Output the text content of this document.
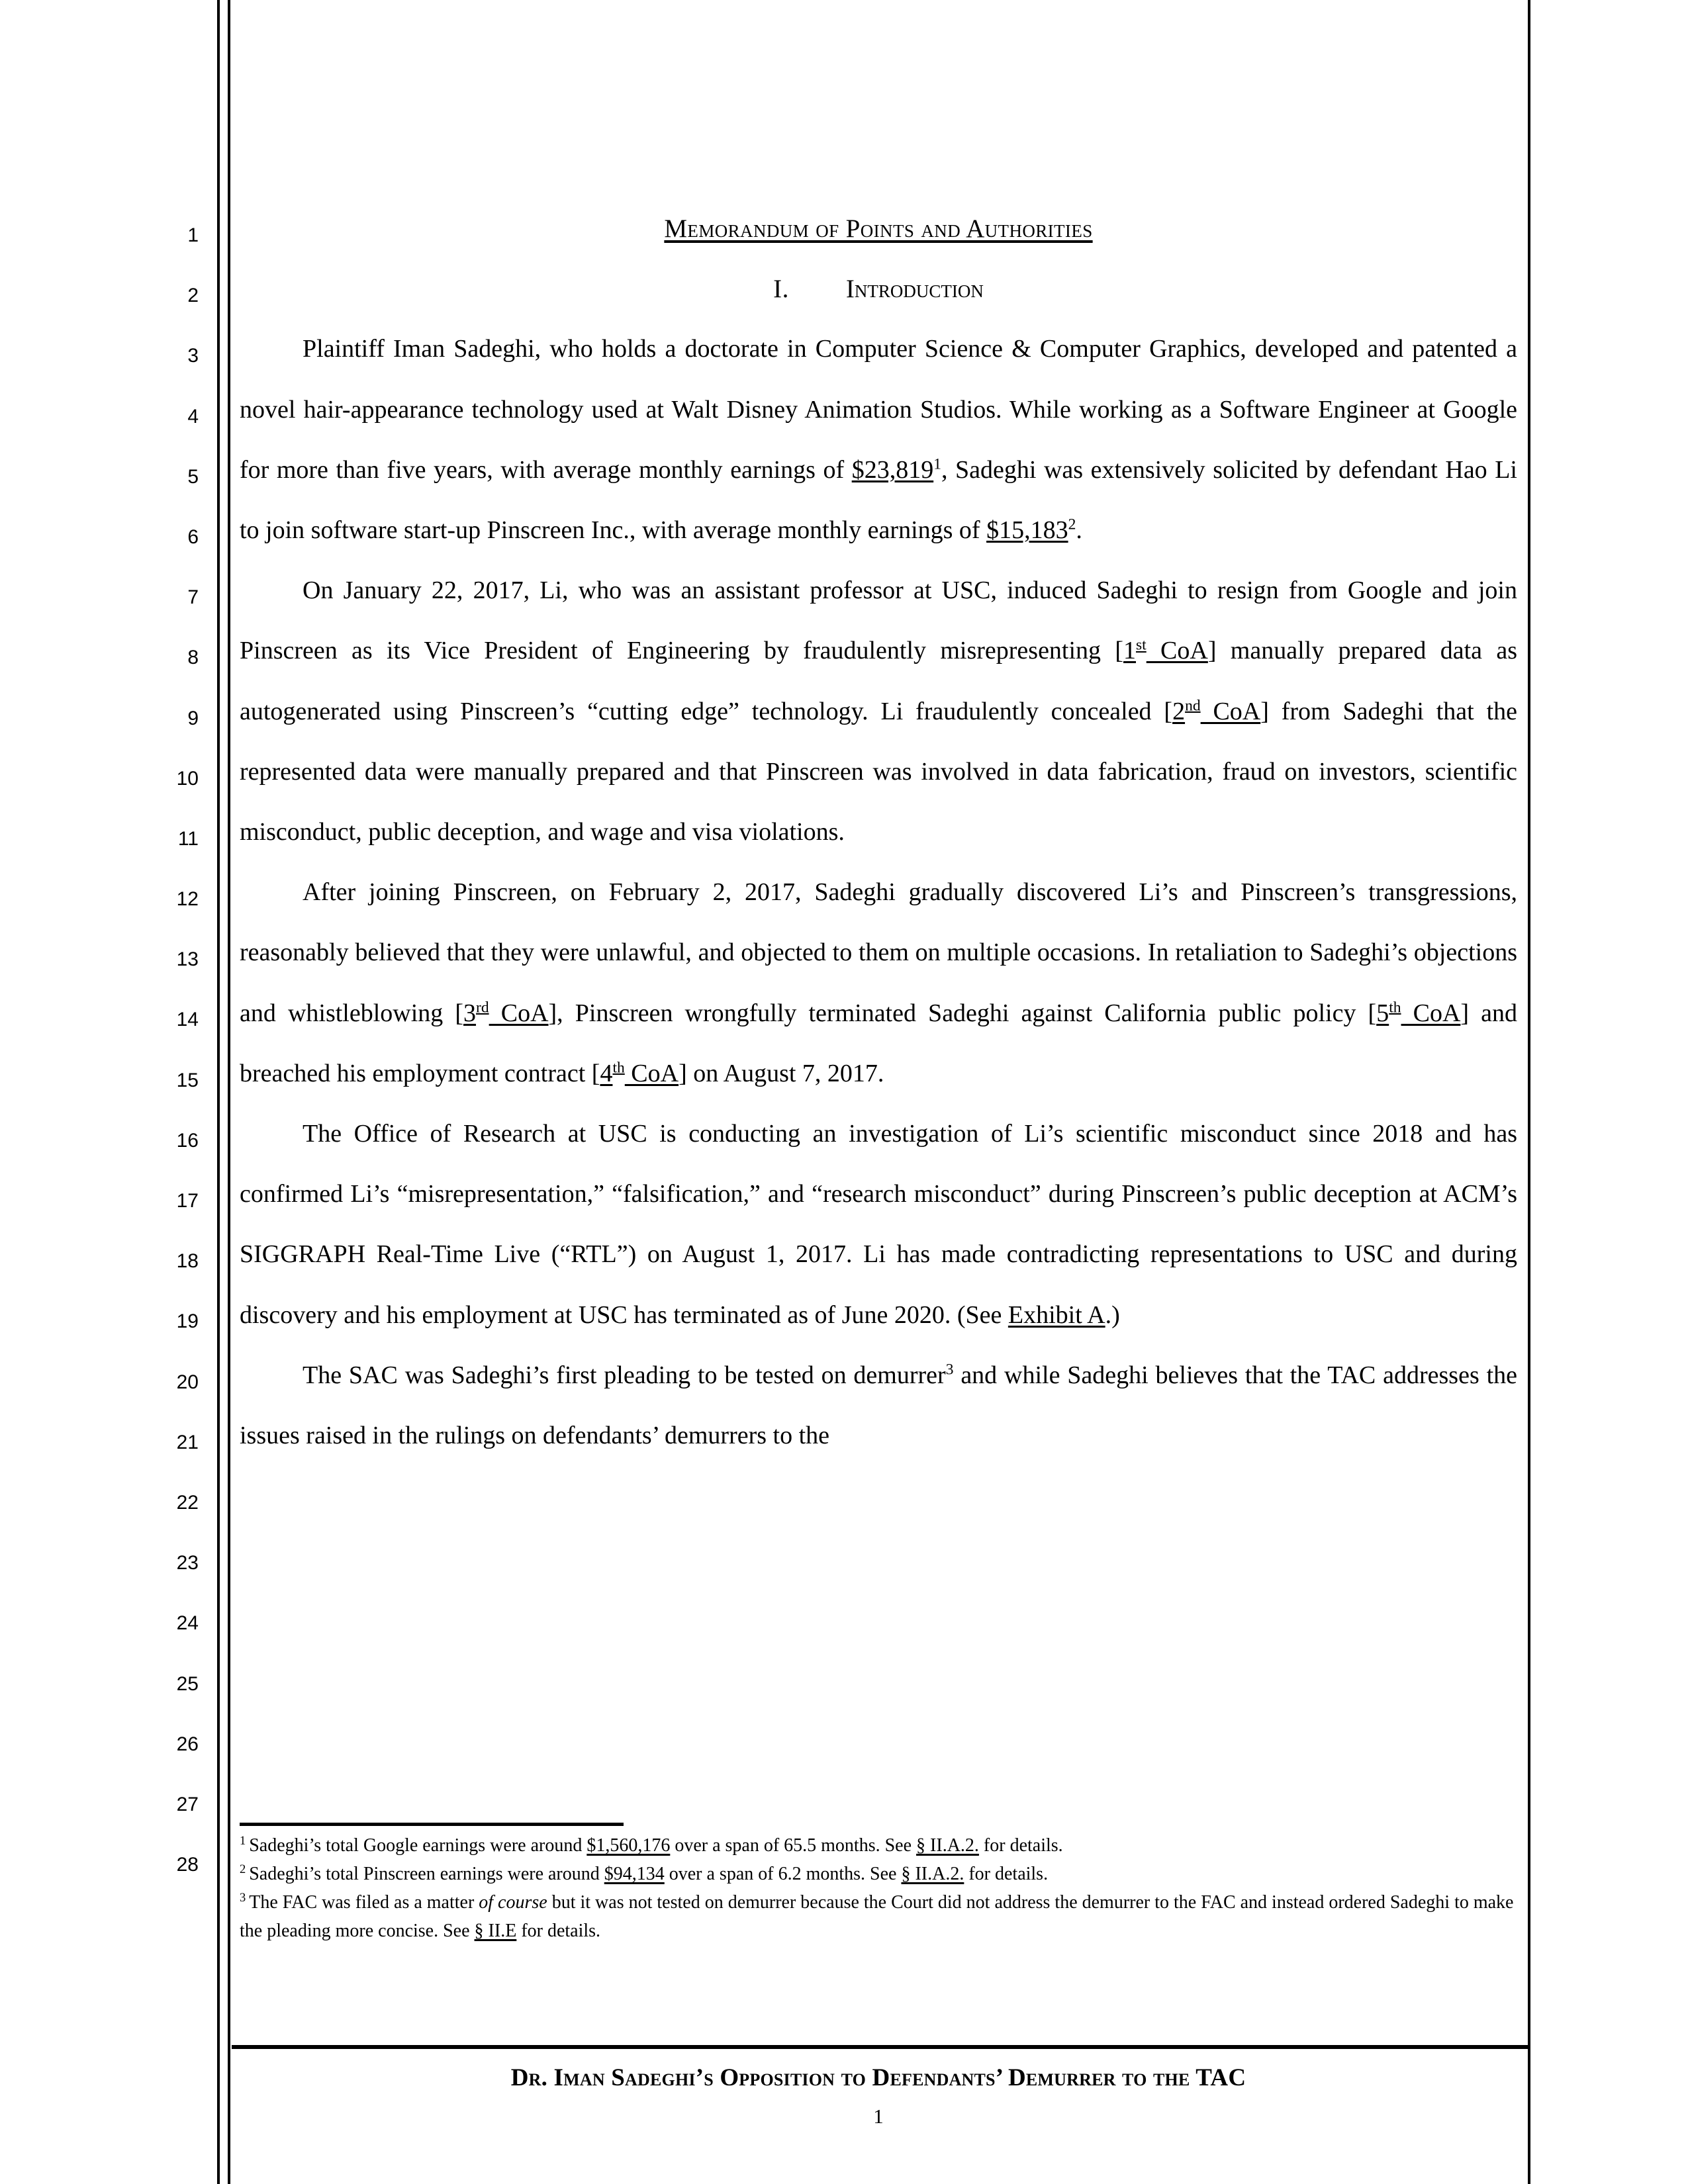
1
2
3
4
5
6
7
8
9
10
11
12
13
14
15
16
17
18
19
20
21
22
23
24
25
26
27
28
Memorandum of Points and Authorities
I. Introduction

Plaintiff Iman Sadeghi, who holds a doctorate in Computer Science & Computer Graphics, developed and patented a novel hair-appearance technology used at Walt Disney Animation Studios. While working as a Software Engineer at Google for more than five years, with average monthly earnings of $23,819$^1$, Sadeghi was extensively solicited by defendant Hao Li to join software start-up Pinscreen Inc., with average monthly earnings of $15,183$^2$.

On January 22, 2017, Li, who was an assistant professor at USC, induced Sadeghi to resign from Google and join Pinscreen as its Vice President of Engineering by fraudulently misrepresenting [1st CoA] manually prepared data as autogenerated using Pinscreen’s “cutting edge” technology. Li fraudulently concealed [2nd CoA] from Sadeghi that the represented data were manually prepared and that Pinscreen was involved in data fabrication, fraud on investors, scientific misconduct, public deception, and wage and visa violations.

After joining Pinscreen, on February 2, 2017, Sadeghi gradually discovered Li’s and Pinscreen’s transgressions, reasonably believed that they were unlawful, and objected to them on multiple occasions. In retaliation to Sadeghi’s objections and whistleblowing [3rd CoA], Pinscreen wrongfully terminated Sadeghi against California public policy [5th CoA] and breached his employment contract [4th CoA] on August 7, 2017.

The Office of Research at USC is conducting an investigation of Li’s scientific misconduct since 2018 and has confirmed Li’s “misrepresentation,” “falsification,” and “research misconduct” during Pinscreen’s public deception at ACM’s SIGGRAPH Real-Time Live (“RTL”) on August 1, 2017. Li has made contradicting representations to USC and during discovery and his employment at USC has terminated as of June 2020. (See Exhibit A.)

The SAC was Sadeghi’s first pleading to be tested on demurrer$^3$ and while Sadeghi believes that the TAC addresses the issues raised in the rulings on defendants’ demurrers to the

$^1$ Sadeghi’s total Google earnings were around $1,560,176 over a span of 65.5 months. See § II.A.2. for details.
$^2$ Sadeghi’s total Pinscreen earnings were around $94,134 over a span of 6.2 months. See § II.A.2. for details.
$^3$ The FAC was filed as a matter of course but it was not tested on demurrer because the Court did not address the demurrer to the FAC and instead ordered Sadeghi to make the pleading more concise. See § II.E for details.
Dr. Iman Sadeghi’s Opposition to Defendants’ Demurrer to the TAC
1
